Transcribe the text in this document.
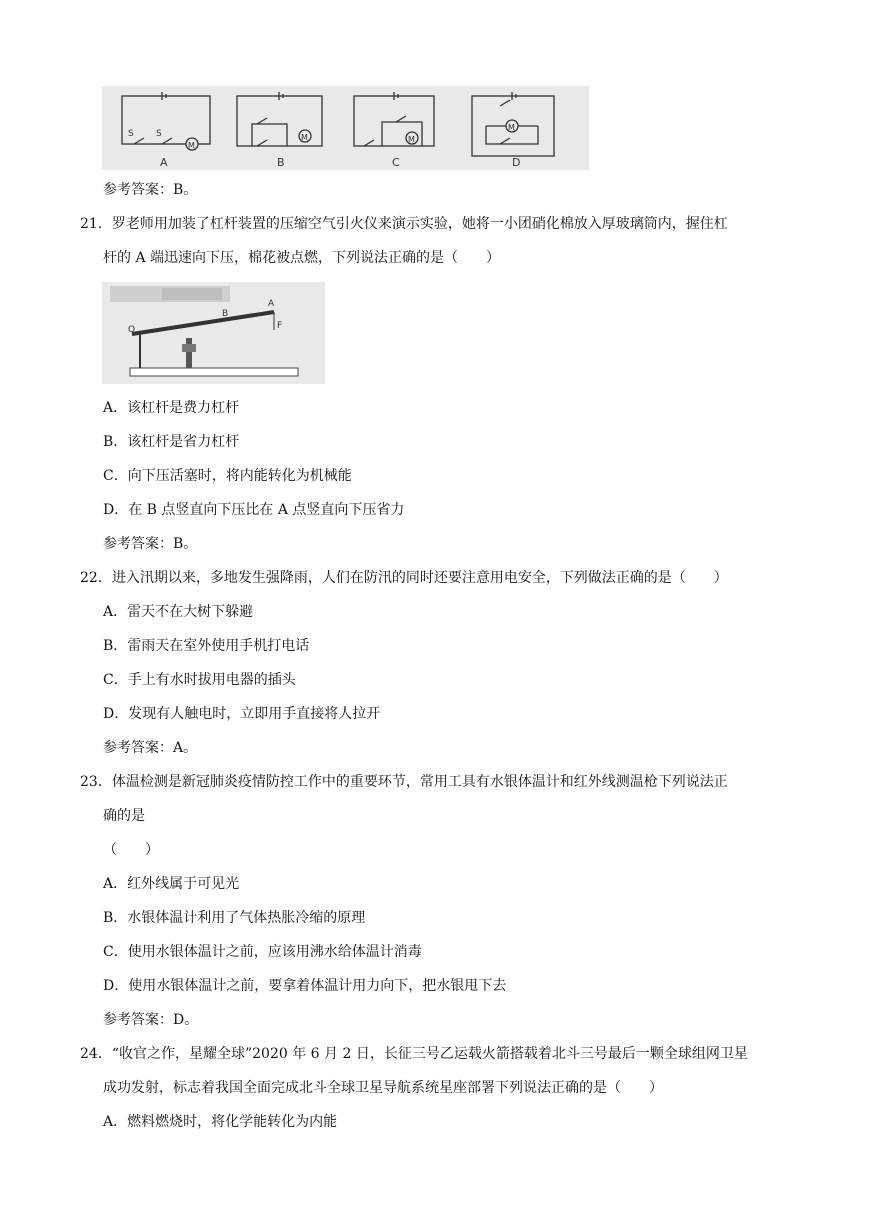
A	B	C	D
S S
M
M	M
M
参考答案：B。
21．罗老师用加装了杠杆装置的压缩空气引火仪来演示实验，她将一小团硝化棉放入厚玻璃筒内，握住杠
杆的 A 端迅速向下压，棉花被点燃，下列说法正确的是（　　）
O
B
A
F
A．该杠杆是费力杠杆
B．该杠杆是省力杠杆
C．向下压活塞时，将内能转化为机械能
D．在 B 点竖直向下压比在 A 点竖直向下压省力
参考答案：B。
22．进入汛期以来，多地发生强降雨，人们在防汛的同时还要注意用电安全，下列做法正确的是（　　）
A．雷天不在大树下躲避
B．雷雨天在室外使用手机打电话
C．手上有水时拔用电器的插头
D．发现有人触电时，立即用手直接将人拉开
参考答案：A。
23．体温检测是新冠肺炎疫情防控工作中的重要环节，常用工具有水银体温计和红外线测温枪下列说法正
确的是
（　　）
A．红外线属于可见光
B．水银体温计利用了气体热胀冷缩的原理
C．使用水银体温计之前，应该用沸水给体温计消毒
D．使用水银体温计之前，要拿着体温计用力向下，把水银甩下去
参考答案：D。
24．“收官之作，星耀全球”2020 年 6 月 2 日，长征三号乙运载火箭搭载着北斗三号最后一颗全球组网卫星
成功发射，标志着我国全面完成北斗全球卫星导航系统星座部署下列说法正确的是（　　）
A．燃料燃烧时，将化学能转化为内能
